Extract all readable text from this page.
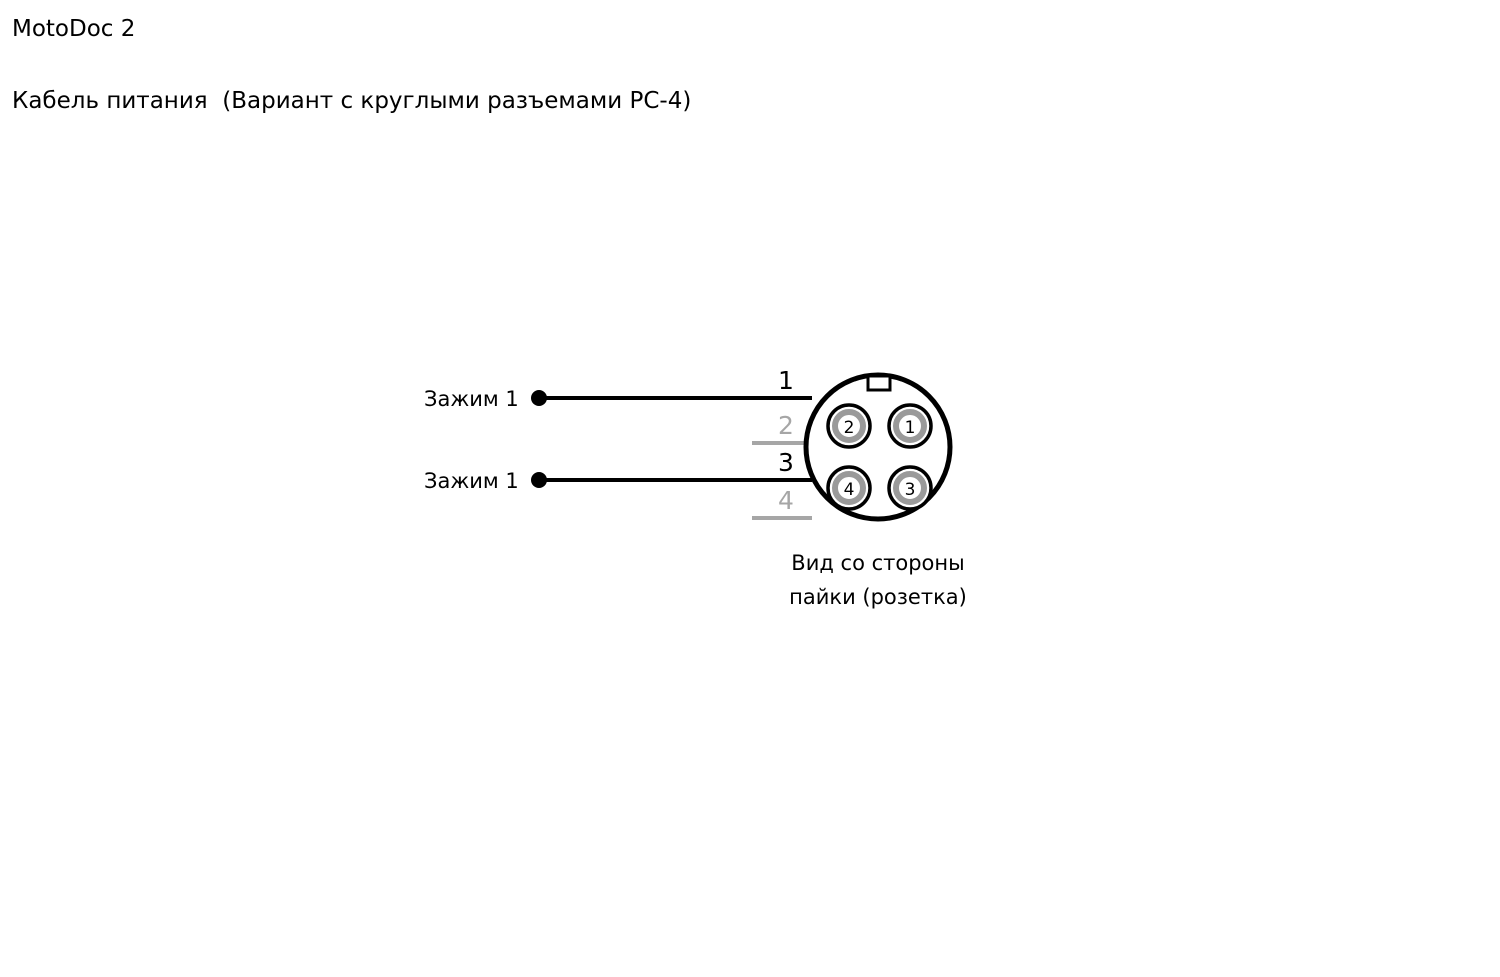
MotoDoc 2
Кабель питания  (Вариант с круглыми разъемами РС-4)
Зажим 1
1
2
Зажим 1
3
4
2	1
4	3
Вид со стороны
пайки (розетка)
